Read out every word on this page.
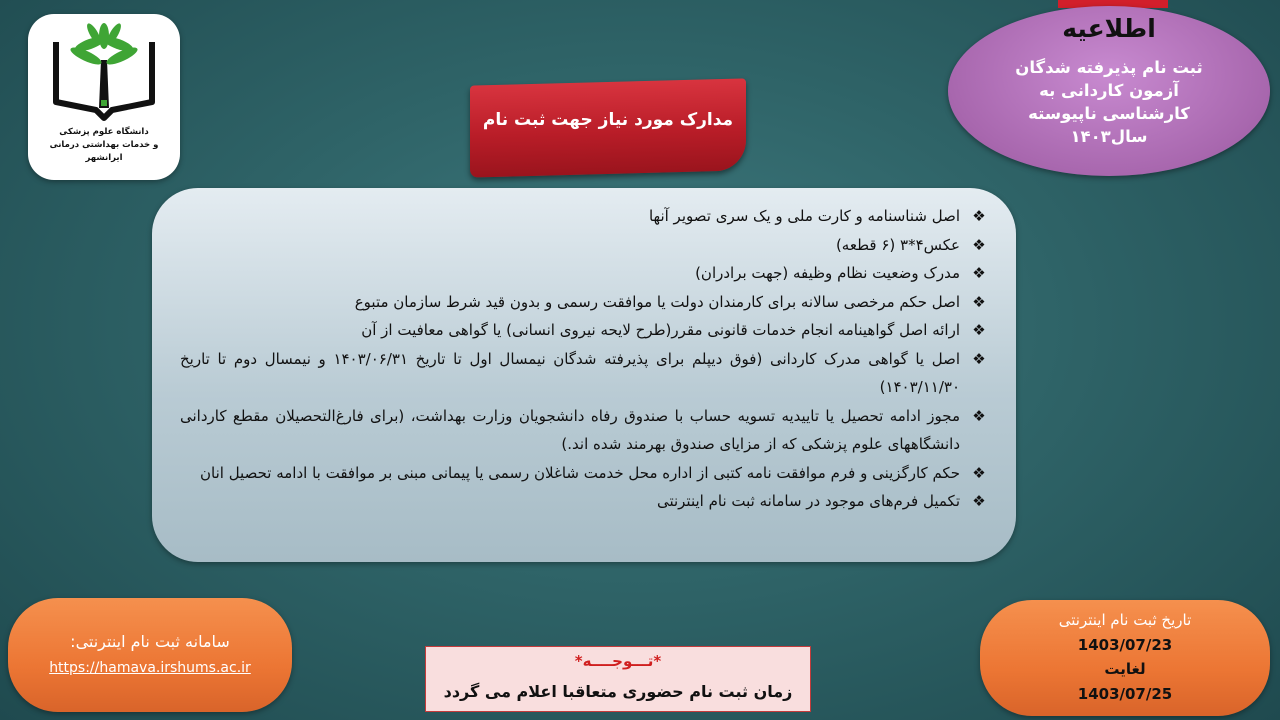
دانشگاه علوم پزشکی
و خدمات بهداشتی درمانی
ایرانشهر
اطلاعیه
ثبت نام پذیرفته شدگان
آزمون کاردانی به
کارشناسی ناپیوسته
سال۱۴۰۳
مدارک مورد نیاز جهت ثبت نام
❖
اصل شناسنامه و کارت ملی و یک سری تصویر آنها
❖
عکس۴*۳ (۶ قطعه)
❖
مدرک وضعیت نظام وظیفه (جهت برادران)
❖
اصل حکم مرخصی سالانه برای کارمندان دولت یا موافقت رسمی و بدون قید شرط سازمان متبوع
❖
ارائه اصل گواهینامه انجام خدمات قانونی مقرر(طرح لایحه نیروی انسانی) یا گواهی معافیت از آن
❖
اصل یا گواهی مدرک کاردانی (فوق دیپلم برای پذیرفته شدگان نیمسال اول تا تاریخ ۱۴۰۳/۰۶/۳۱ و نیمسال دوم تا تاریخ ۱۴۰۳/۱۱/۳۰)
❖
مجوز ادامه تحصیل یا تاییدیه تسویه حساب با صندوق رفاه دانشجویان وزارت بهداشت، (برای فارغ‌التحصیلان مقطع کاردانی دانشگاههای علوم پزشکی که از مزایای صندوق بهرمند شده اند.)
❖
حکم کارگزینی و فرم موافقت نامه کتبی از اداره محل خدمت شاغلان رسمی یا پیمانی مبنی بر موافقت با ادامه تحصیل انان
❖
تکمیل فرم‌های موجود در سامانه ثبت نام اینترنتی
سامانه ثبت نام اینترنتی:
https://hamava.irshums.ac.ir
تاریخ ثبت نام اینترنتی
1403/07/23
لغایت
1403/07/25
*تـــوجــــه*
زمان ثبت نام حضوری متعاقبا اعلام می گردد
